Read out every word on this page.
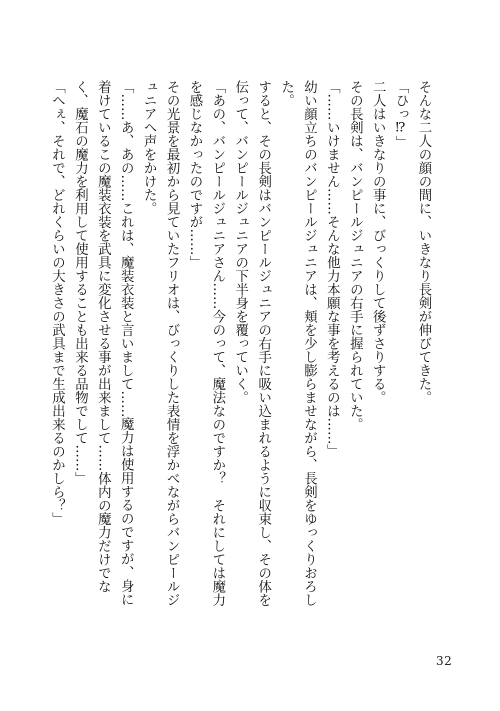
そんな二人の顔の間に、いきなり長剣が伸びてきた。

「ひっ⁉」

二人はいきなりの事に、びっくりして後ずさりする。

その長剣は、バンピールジュニアの右手に握られていた。

「……いけません……そんな他力本願な事を考えるのは……」

幼い顔立ちのバンピールジュニアは、頬を少し膨らませながら、長剣をゆっくりおろした。

すると、その長剣はバンピールジュニアの右手に吸い込まれるように収束し、その体を伝って、バンピールジュニアの下半身を覆っていく。

「あの、バンピールジュニアさん……今のって、魔法なのですか？　それにしては魔力を感じなかったのですが……」

その光景を最初から見ていたフリオは、びっくりした表情を浮かべながらバンピールジュニアへ声をかけた。

「……あ、あの……これは、魔装衣装と言いまして……魔力は使用するのですが、身に着けているこの魔装衣装を武具に変化させる事が出来まして……体内の魔力だけでなく、魔石の魔力を利用して使用することも出来る品物でして……」

「へぇ、それで、どれくらいの大きさの武具まで生成出来るのかしら？」

32
